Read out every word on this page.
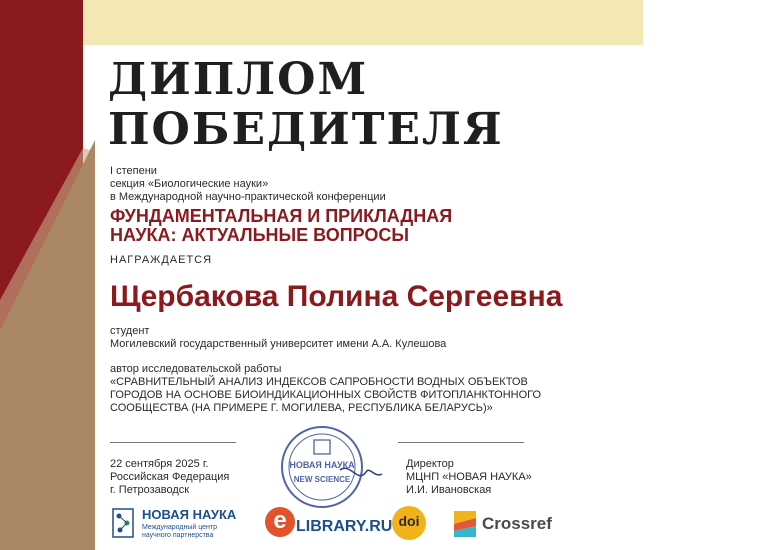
ДИПЛОМ
ПОБЕДИТЕЛЯ
I степени
секция «Биологические науки»
в Международной научно-практической конференции
ФУНДАМЕНТАЛЬНАЯ И ПРИКЛАДНАЯ
НАУКА: АКТУАЛЬНЫЕ ВОПРОСЫ
НАГРАЖДАЕТСЯ
Щербакова Полина Сергеевна
студент
Могилевский государственный университет имени А.А. Кулешова
автор исследовательской работы
«СРАВНИТЕЛЬНЫЙ АНАЛИЗ ИНДЕКСОВ САПРОБНОСТИ ВОДНЫХ ОБЪЕКТОВ
ГОРОДОВ НА ОСНОВЕ БИОИНДИКАЦИОННЫХ СВОЙСТВ ФИТОПЛАНКТОННОГО
СООБЩЕСТВА (НА ПРИМЕРЕ Г. МОГИЛЕВА, РЕСПУБЛИКА БЕЛАРУСЬ)»
22 сентября 2025 г.
Российская Федерация
г. Петрозаводск
Директор
МЦНП «НОВАЯ НАУКА»
И.И. Ивановская
НОВАЯ НАУКА
NEW SCIENCE
НОВАЯ НАУКА
Международный центр
научного партнерства
e LIBRARY.RU doi	Crossref
